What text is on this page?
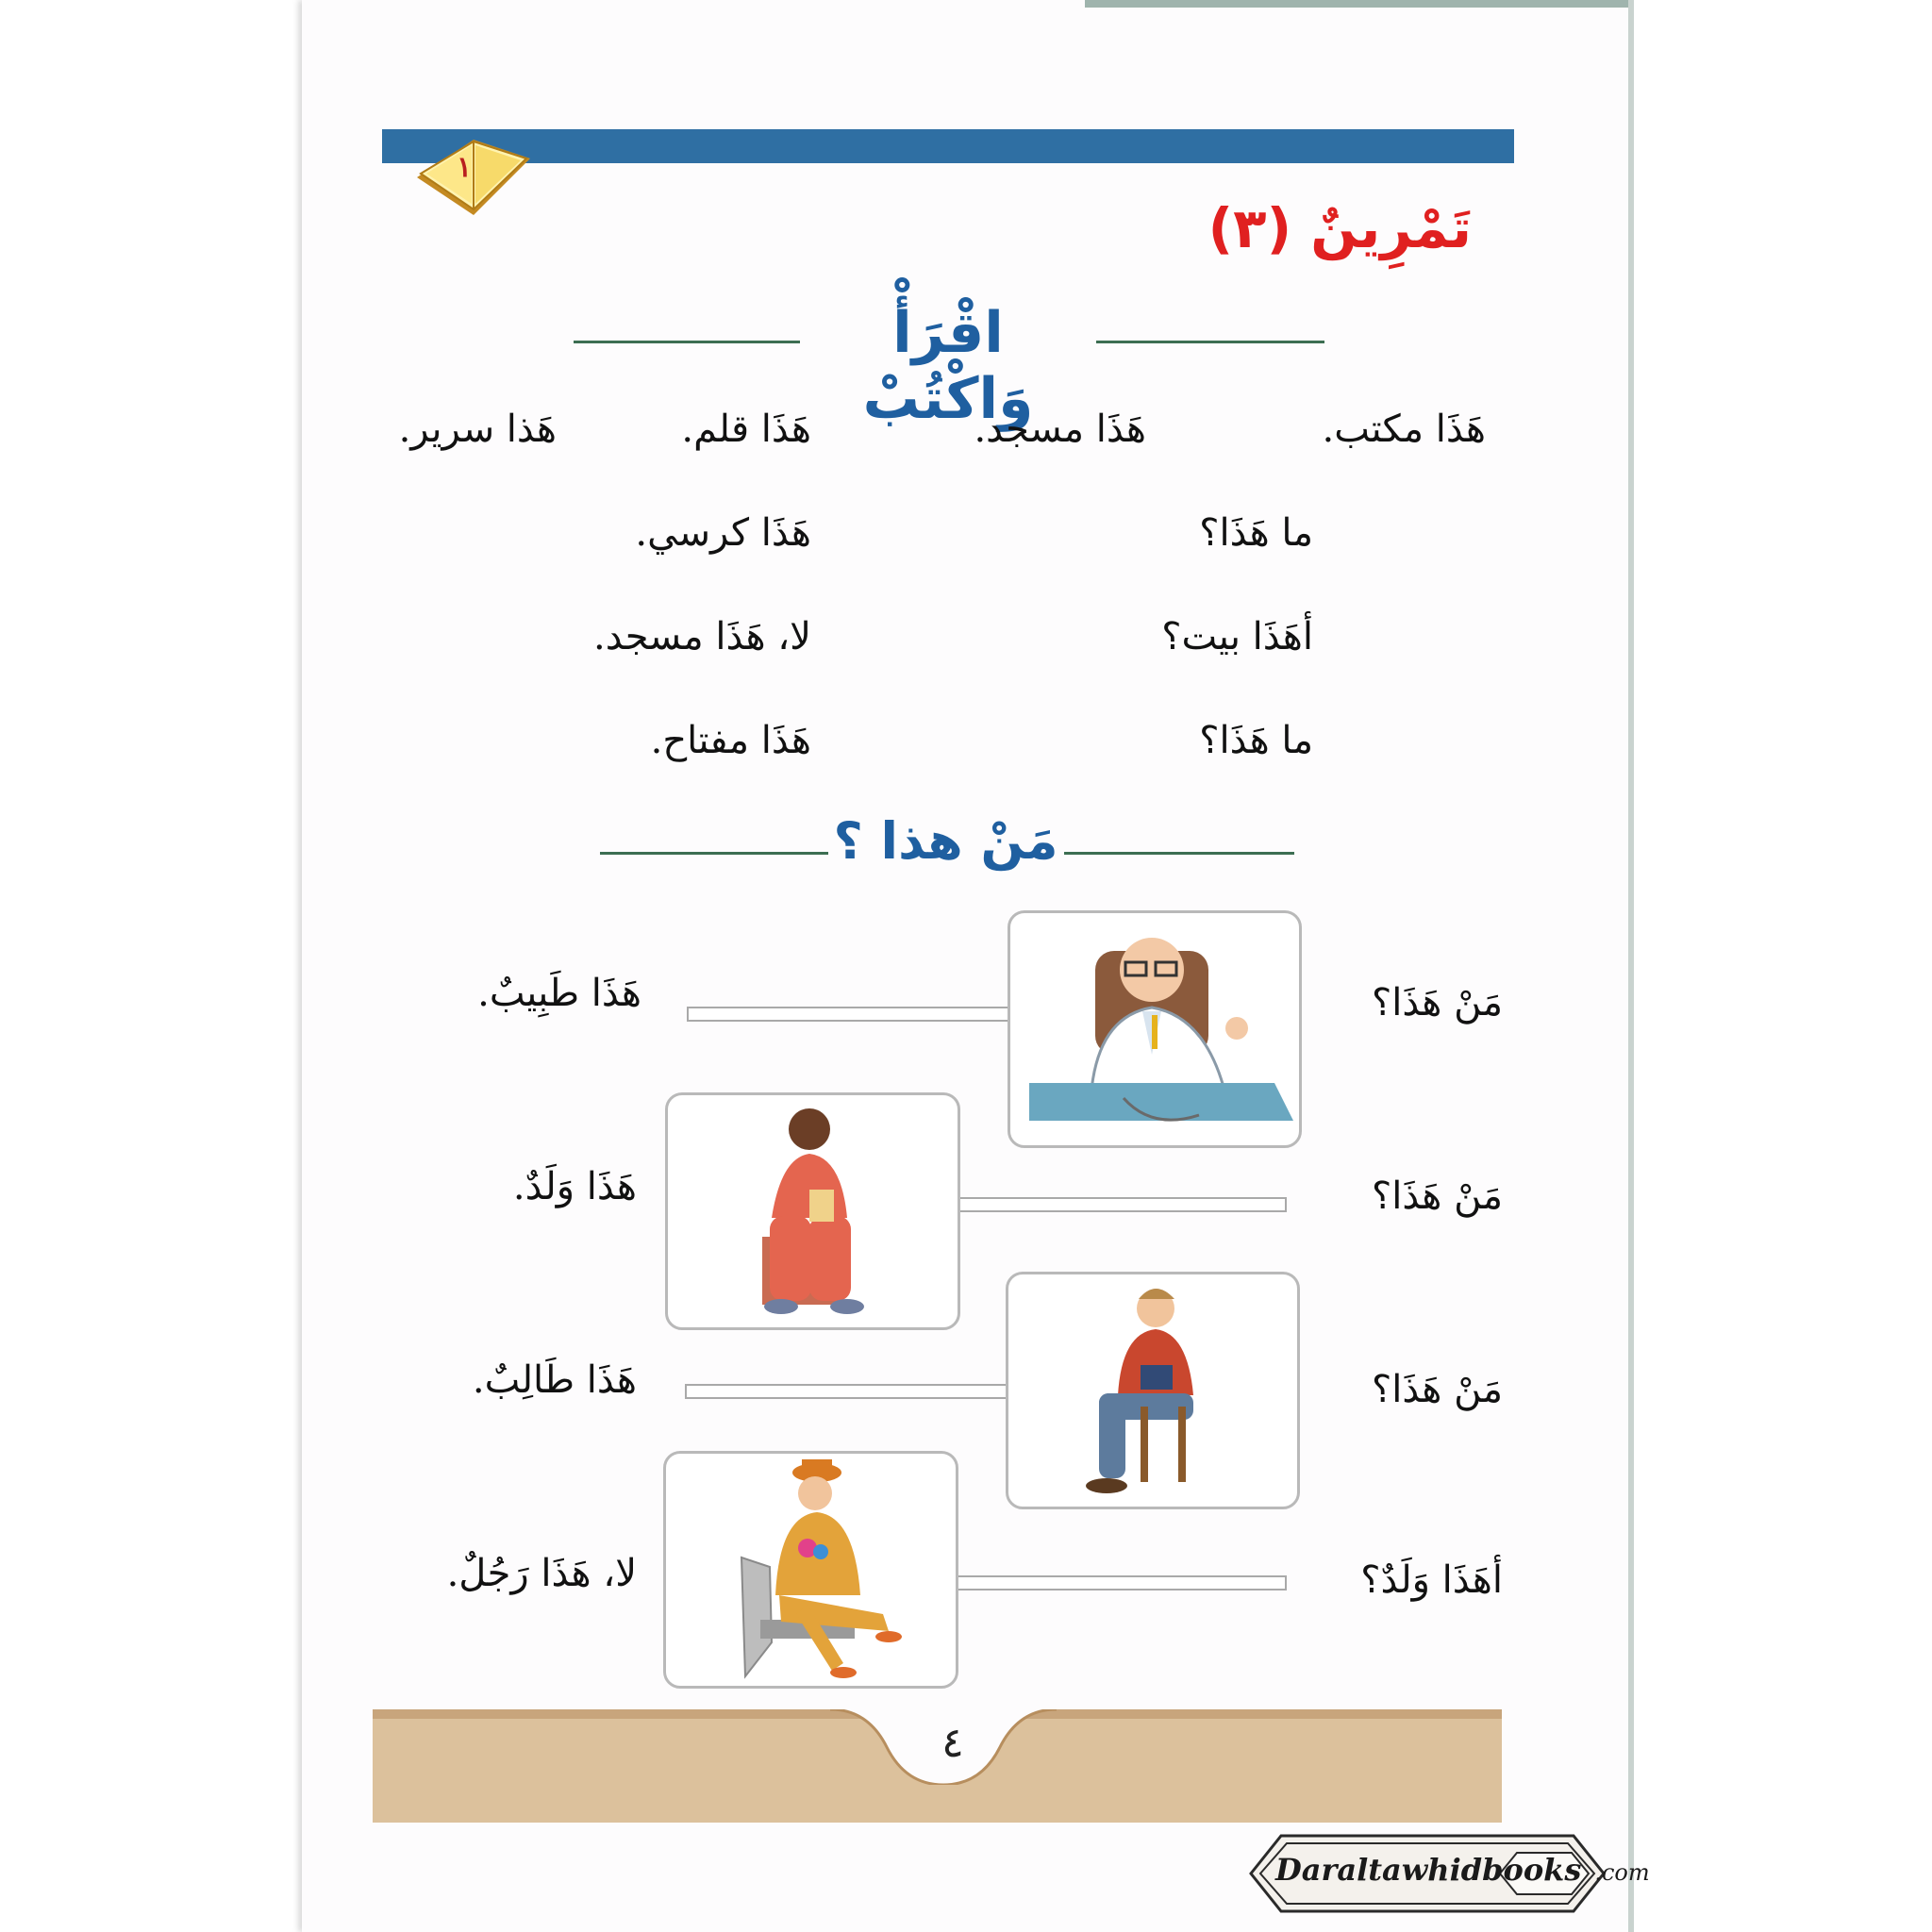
١
تَمْرِينٌ (٣)
اقْرَأْ وَاكْتُبْ	هَذَا مكتب.
هَذَا مسجد.
هَذَا قلم.
هَذا سرير.
ما هَذَا؟
هَذَا كرسي.
أهَذَا بيت؟
لا، هَذَا مسجد.
ما هَذَا؟
هَذَا مفتاح.
مَنْ هذا ؟
مَنْ هَذَا؟
هَذَا طَبِيبٌ.
مَنْ هَذَا؟
هَذَا وَلَدٌ.
مَنْ هَذَا؟
هَذَا طَالِبٌ.
أهَذَا وَلَدٌ؟
لا، هَذَا رَجُلٌ.
٤
Daraltawhidbooks .com
